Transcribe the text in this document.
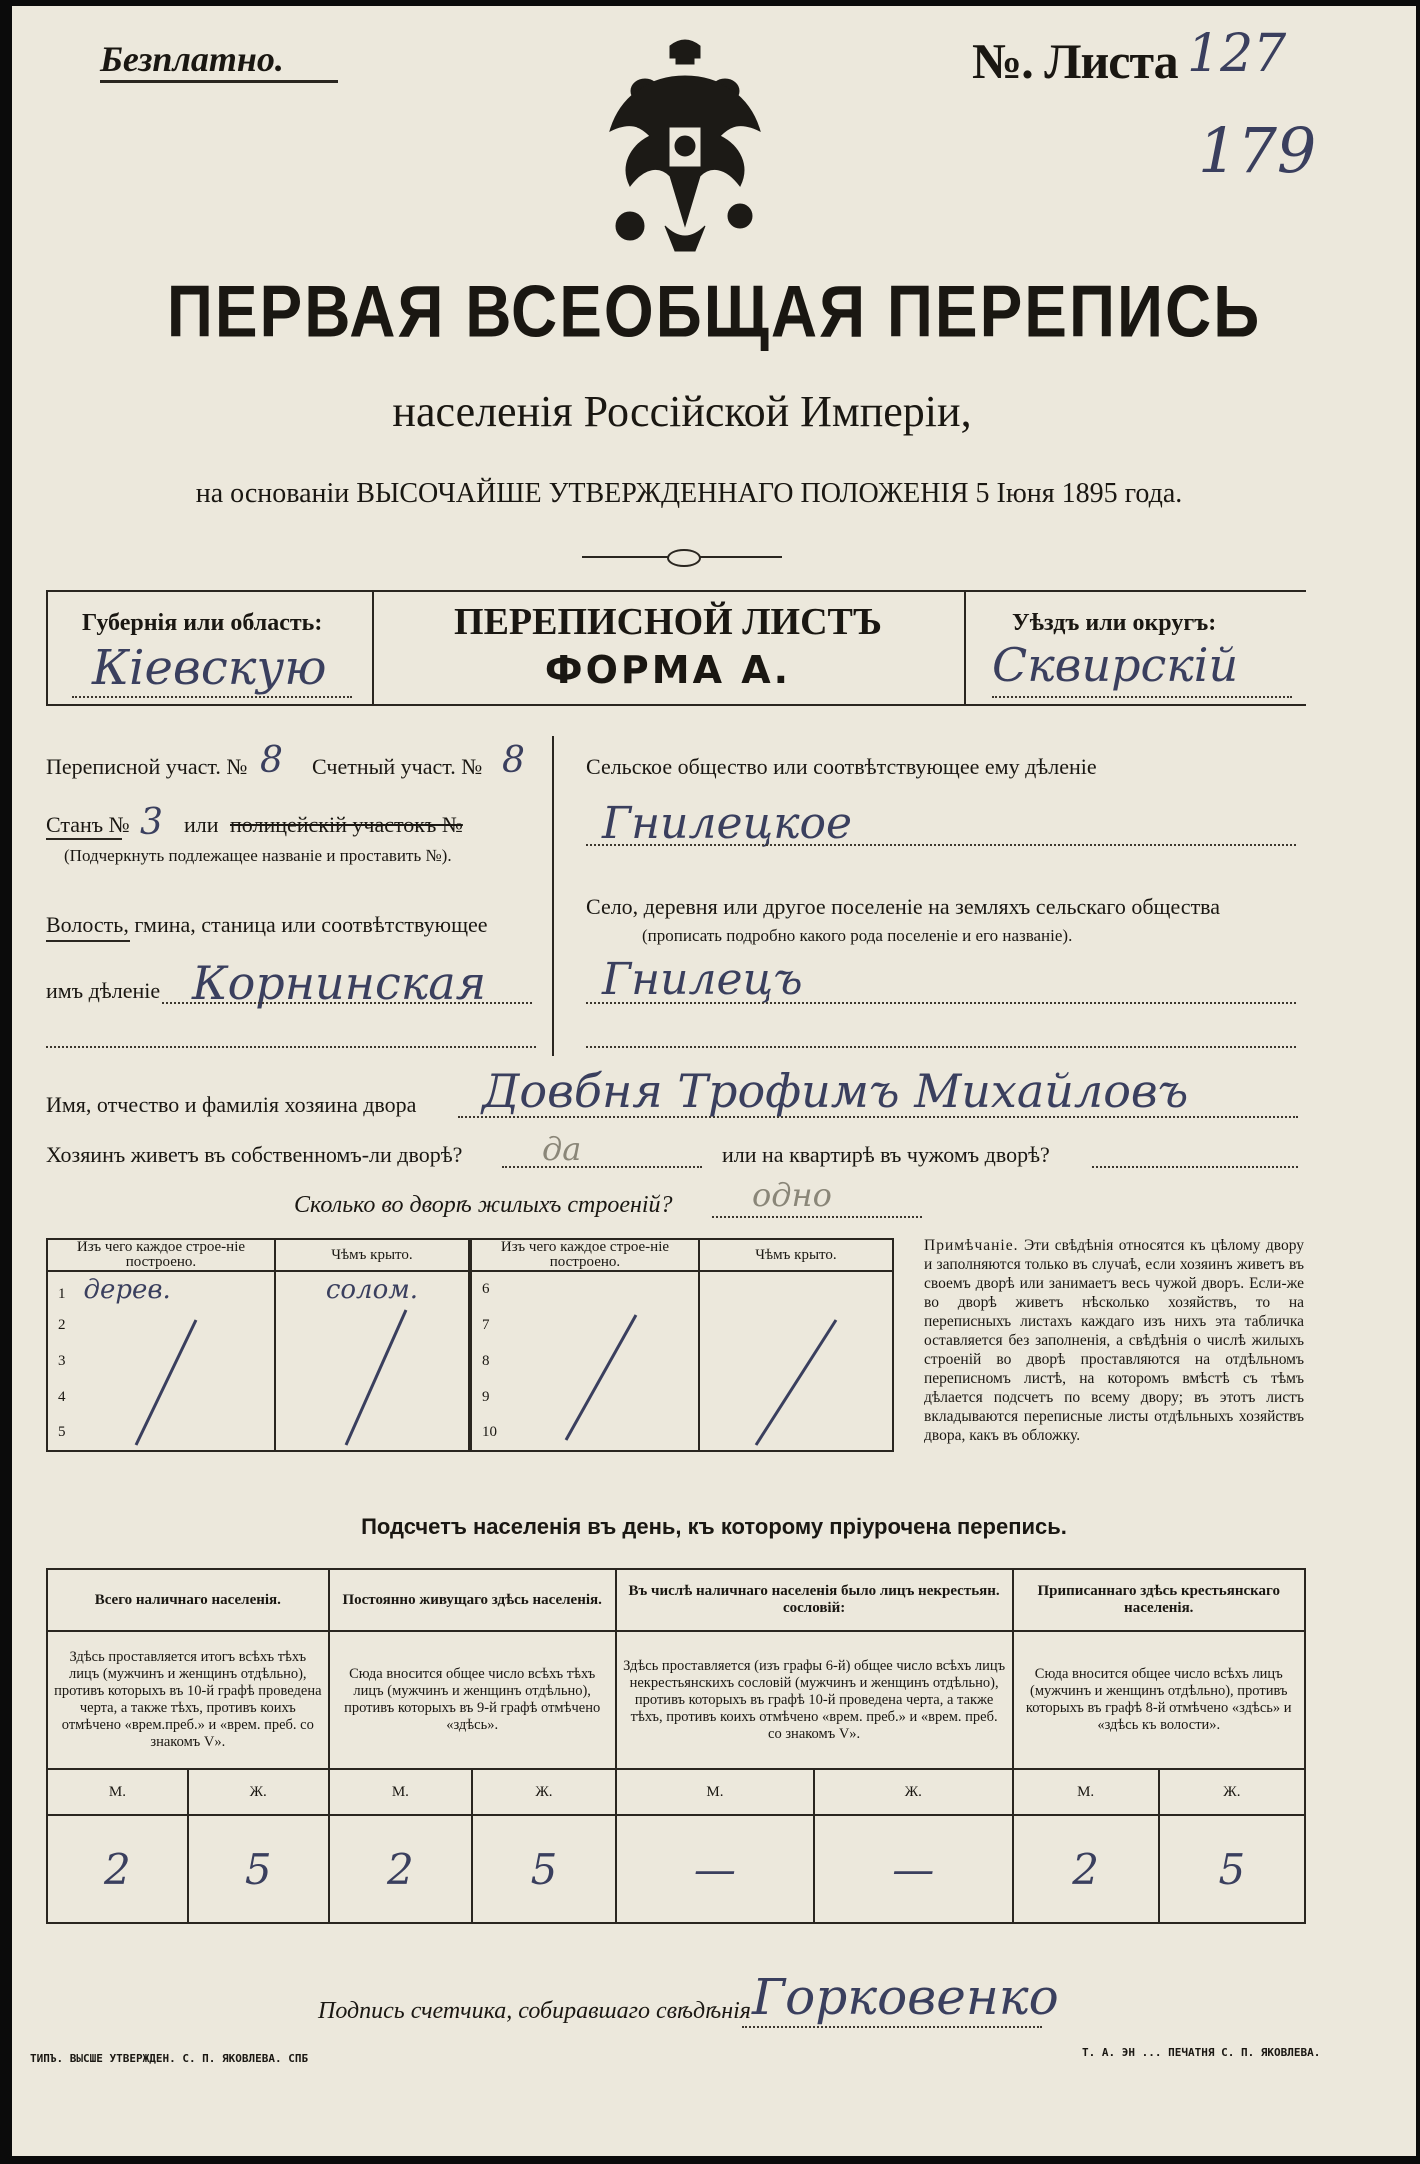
Безплатно.	№. Листа 127
179
ПЕРВАЯ ВСЕОБЩАЯ ПЕРЕПИСЬ
населенія Россійской Имперіи,
на основаніи ВЫСОЧАЙШЕ УТВЕРЖДЕННАГО ПОЛОЖЕНІЯ 5 Іюня 1895 года.
Губернія или область:
Кіевскую
ПЕРЕПИСНОЙ ЛИСТЪ
ФОРМА А.
Уѣздъ или округъ:
Сквирскій
Переписной участ. № 8 Счетный участ. № 8
Станъ № 3 или полицейскій участокъ №
(Подчеркнуть подлежащее названіе и проставить №).
Волость, гмина, станица или соотвѣтствующее
имъ дѣленіе Корнинская
Сельское общество или соотвѣтствующее ему дѣленіе
Гнилецкое
Село, деревня или другое поселеніе на земляхъ сельскаго общества
(прописать подробно какого рода поселеніе и его названіе).
Гнилецъ
Имя, отчество и фамилія хозяина двора Довбня Трофимъ Михайловъ
Хозяинъ живетъ въ собственномъ-ли дворѣ? да	или на квартирѣ въ чужомъ дворѣ?
Сколько во дворѣ жилыхъ строеній? одно
Изъ чего каждое строе-ніе построено.	Чѣмъ крыто.
1 дерев.	солом.
2	
3	
4	
5	
Изъ чего каждое строе-ніе построено.	Чѣмъ крыто.
6	
7	
8	
9	
10	
Примѣчаніе. Эти свѣдѣнія относятся къ цѣлому двору и заполняются только въ случаѣ, если хозяинъ живетъ въ своемъ дворѣ или занимаетъ весь чужой дворъ. Если-же во дворѣ живетъ нѣсколько хозяйствъ, то на переписныхъ листахъ каждаго изъ нихъ эта табличка оставляется без заполненія, а свѣдѣнія о числѣ жилыхъ строеній во дворѣ проставляются на отдѣльномъ переписномъ листѣ, на которомъ вмѣстѣ съ тѣмъ дѣлается подсчетъ по всему двору; въ этотъ листъ вкладываются переписные листы отдѣльныхъ хозяйствъ двора, какъ въ обложку.
Подсчетъ населенія въ день, къ которому пріурочена перепись.
Всего наличнаго населенія.		Постоянно живущаго здѣсь населенія.		Въ числѣ наличнаго населенія было лицъ некрестьян. сословій:		Приписаннаго здѣсь крестьянскаго населенія.	
Здѣсь проставляется итогъ всѣхъ тѣхъ лицъ (мужчинъ и женщинъ отдѣльно), противъ которыхъ въ 10-й графѣ проведена черта, а также тѣхъ, противъ коихъ отмѣчено «врем.преб.» и «врем. преб. со знакомъ V».		Сюда вносится общее число всѣхъ тѣхъ лицъ (мужчинъ и женщинъ отдѣльно), противъ которыхъ въ 9-й графѣ отмѣчено «здѣсь».		Здѣсь проставляется (изъ графы 6-й) общее число всѣхъ лицъ некрестьянскихъ сословій (мужчинъ и женщинъ отдѣльно), противъ которыхъ въ графѣ 10-й проведена черта, а также тѣхъ, противъ коихъ отмѣчено «врем. преб.» и «врем. преб. со знакомъ V».		Сюда вносится общее число всѣхъ лицъ (мужчинъ и женщинъ отдѣльно), противъ которыхъ въ графѣ 8-й отмѣчено «здѣсь» и «здѣсь къ волости».	
М.	Ж.	М.	Ж.	М.	Ж.	М.	Ж.
2	5	2	5	—	—	2	5
Подпись счетчика, собиравшаго свѣдѣнія Горковенко
ТИПЪ. ВЫСШЕ УТВЕРЖДЕН. С. П. ЯКОВЛЕВА. СПБ	Т. А. ЭН ... ПЕЧАТНЯ С. П. ЯКОВЛЕВА.
